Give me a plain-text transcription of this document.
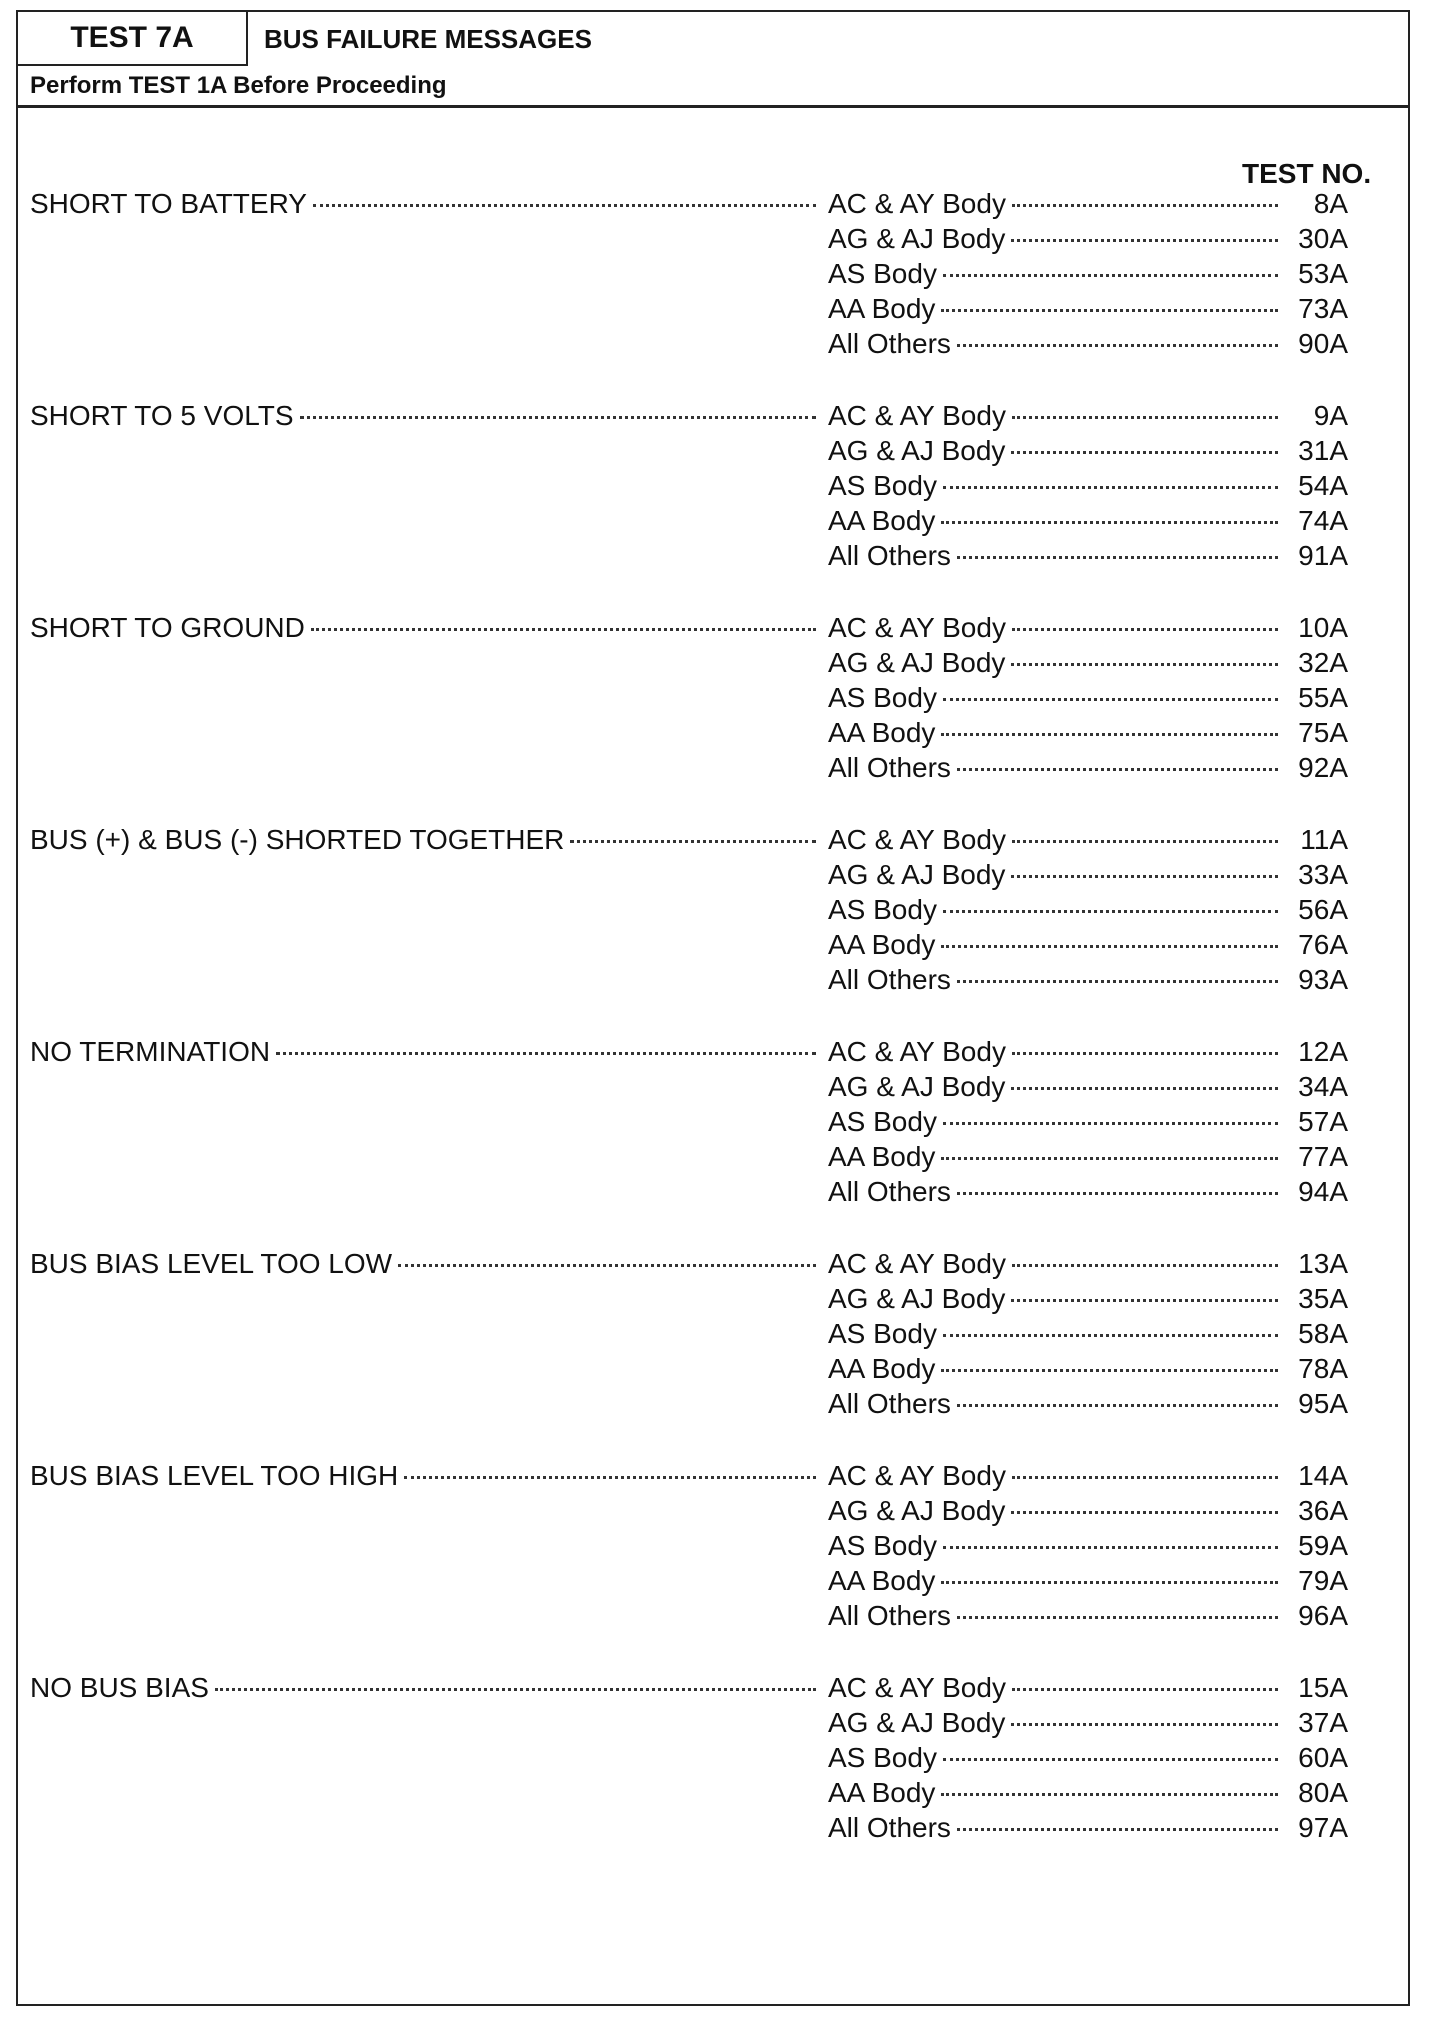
TEST 7A	BUS FAILURE MESSAGES
Perform TEST 1A Before Proceeding
TEST NO.
SHORT TO BATTERY	AC & AY Body	8A
AG & AJ Body	30A
AS Body	53A
AA Body	73A
All Others	90A
SHORT TO 5 VOLTS	AC & AY Body	9A
AG & AJ Body	31A
AS Body	54A
AA Body	74A
All Others	91A
SHORT TO GROUND	AC & AY Body	10A
AG & AJ Body	32A
AS Body	55A
AA Body	75A
All Others	92A
BUS (+) & BUS (-) SHORTED TOGETHER	AC & AY Body	11A
AG & AJ Body	33A
AS Body	56A
AA Body	76A
All Others	93A
NO TERMINATION	AC & AY Body	12A
AG & AJ Body	34A
AS Body	57A
AA Body	77A
All Others	94A
BUS BIAS LEVEL TOO LOW	AC & AY Body	13A
AG & AJ Body	35A
AS Body	58A
AA Body	78A
All Others	95A
BUS BIAS LEVEL TOO HIGH	AC & AY Body	14A
AG & AJ Body	36A
AS Body	59A
AA Body	79A
All Others	96A
NO BUS BIAS	AC & AY Body	15A
AG & AJ Body	37A
AS Body	60A
AA Body	80A
All Others	97A
